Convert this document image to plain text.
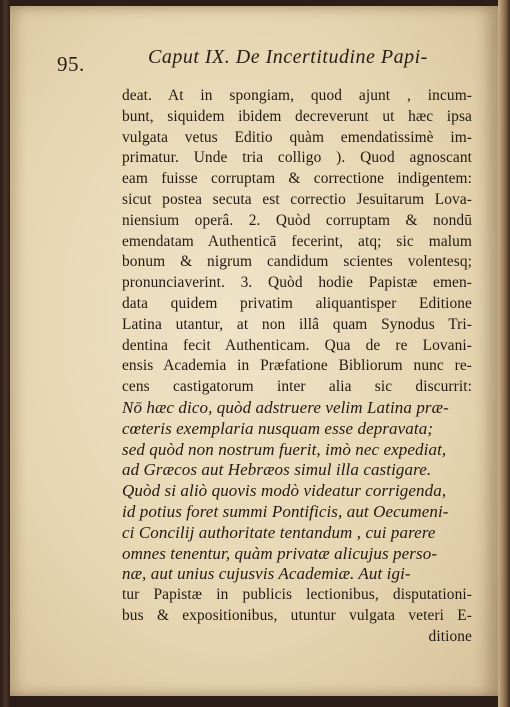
95.	Caput IX. De Incertitudine Papi-
deat. At in spongiam, quod ajunt , incum-
bunt, siquidem ibidem decreverunt ut hæc ipsa
vulgata vetus Editio quàm emendatissimè im-
primatur. Unde tria colligo ). Quod agnoscant
eam fuisse corruptam & correctione indigentem:
sicut postea secuta est correctio Jesuitarum Lova-
niensium operâ. 2. Quòd corruptam & nondū
emendatam Authenticā fecerint, atq; sic malum
bonum & nigrum candidum scientes volentesq;
pronunciaverint. 3. Quòd hodie Papistæ emen-
data quidem privatim aliquantisper Editione
Latina utantur, at non illâ quam Synodus Tri-
dentina fecit Authenticam. Qua de re Lovani-
ensis Academia in Præfatione Bibliorum nunc re-
cens castigatorum inter alia sic discurrit:
Nō hæc dico, quòd adstruere velim Latina præ-
cœteris exemplaria nusquam esse depravata;
sed quòd non nostrum fuerit, imò nec expediat,
ad Græcos aut Hebræos simul illa castigare.
Quòd si aliò quovis modò videatur corrigenda,
id potius foret summi Pontificis, aut Oecumeni-
ci Concilij authoritate tentandum , cui parere
omnes tenentur, quàm privatæ alicujus perso-
næ, aut unius cujusvis Academiæ. Aut igi-
tur Papistæ in publicis lectionibus, disputationi-
bus & expositionibus, utuntur vulgata veteri E-
ditione
